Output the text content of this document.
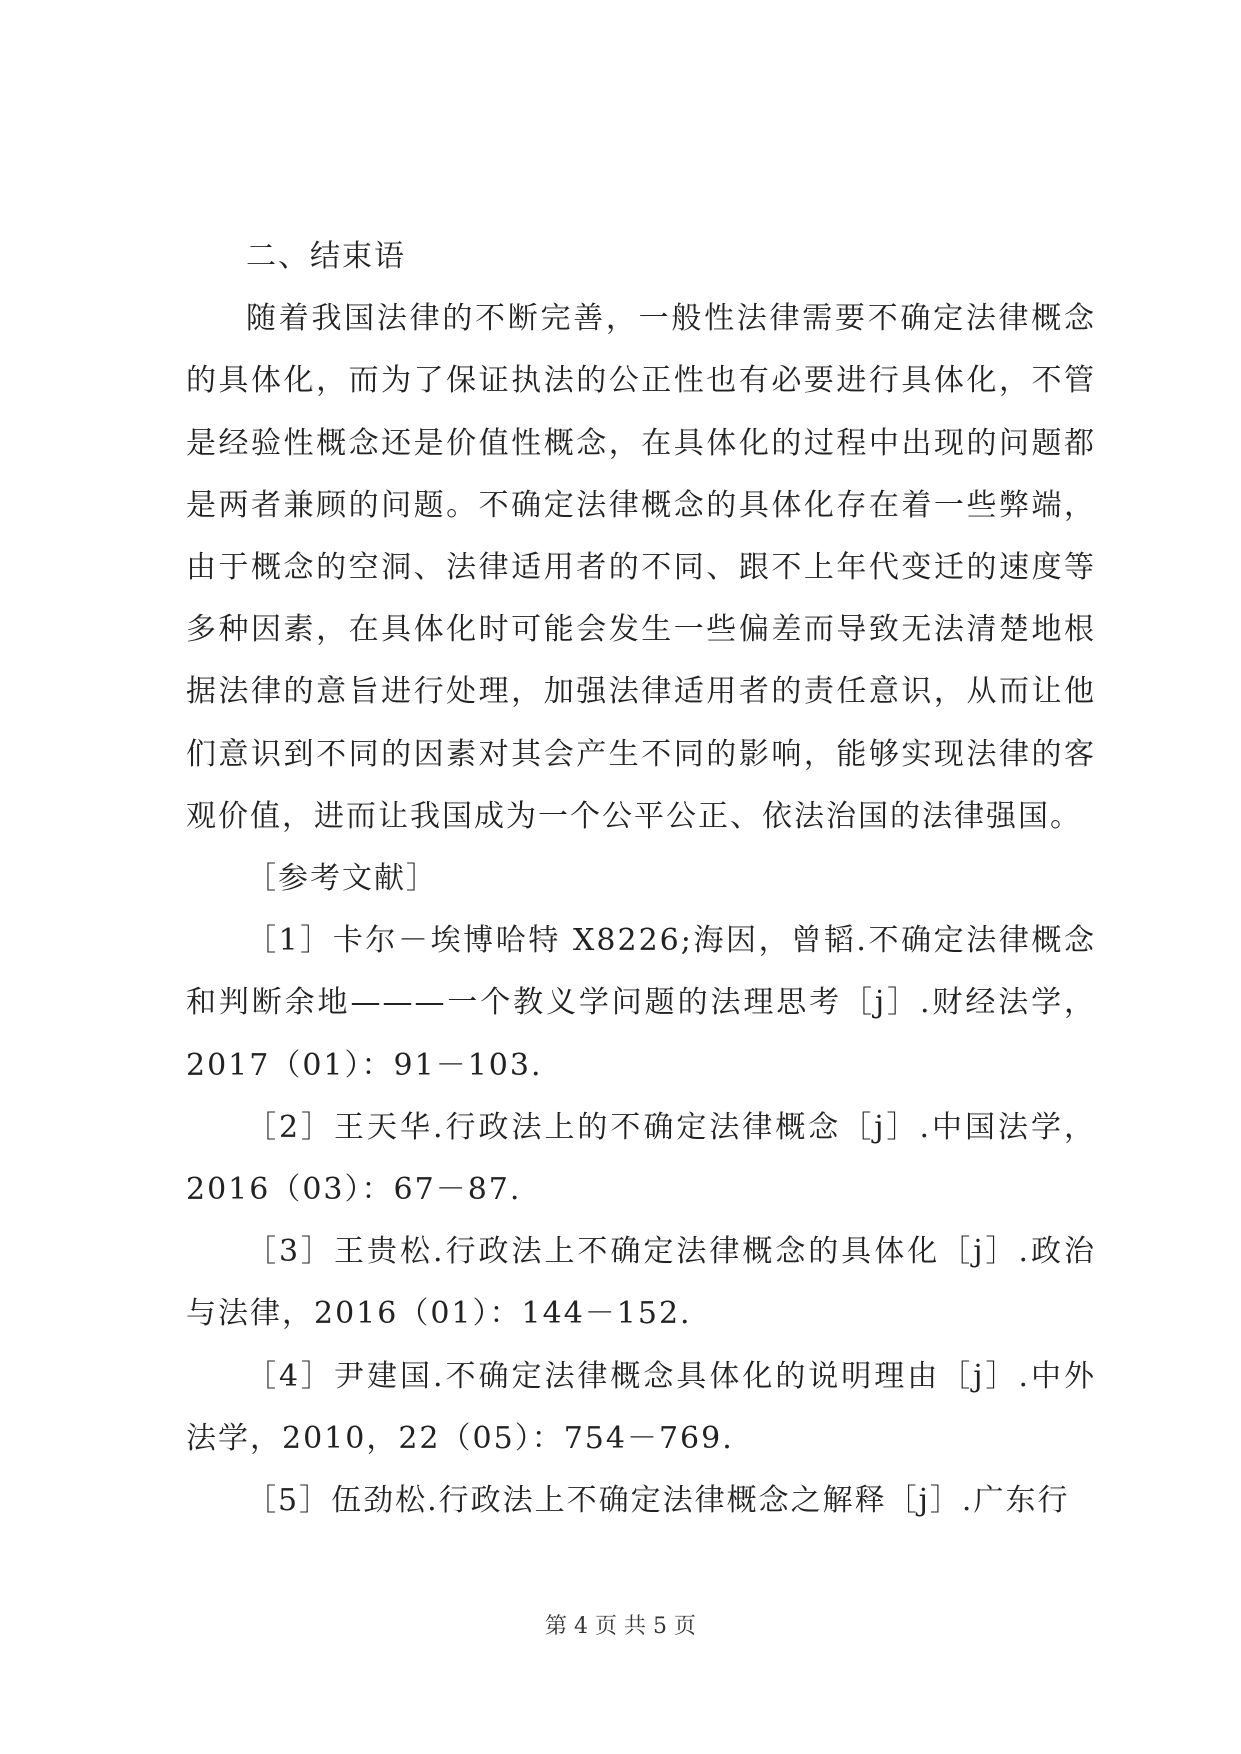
二、结束语

随着我国法律的不断完善，一般性法律需要不确定法律概念的具体化，而为了保证执法的公正性也有必要进行具体化，不管是经验性概念还是价值性概念，在具体化的过程中出现的问题都是两者兼顾的问题。不确定法律概念的具体化存在着一些弊端，由于概念的空洞、法律适用者的不同、跟不上年代变迁的速度等多种因素，在具体化时可能会发生一些偏差而导致无法清楚地根据法律的意旨进行处理，加强法律适用者的责任意识，从而让他们意识到不同的因素对其会产生不同的影响，能够实现法律的客观价值，进而让我国成为一个公平公正、依法治国的法律强国。

［参考文献］

［1］卡尔－埃博哈特 X8226;海因，曾韬.不确定法律概念和判断余地———一个教义学问题的法理思考［j］.财经法学，2017（01）：91－103.

［2］王天华.行政法上的不确定法律概念［j］.中国法学，2016（03）：67－87.

［3］王贵松.行政法上不确定法律概念的具体化［j］.政治与法律，2016（01）：144－152.

［4］尹建国.不确定法律概念具体化的说明理由［j］.中外法学，2010，22（05）：754－769.

［5］伍劲松.行政法上不确定法律概念之解释［j］.广东行

第 4 页 共 5 页
